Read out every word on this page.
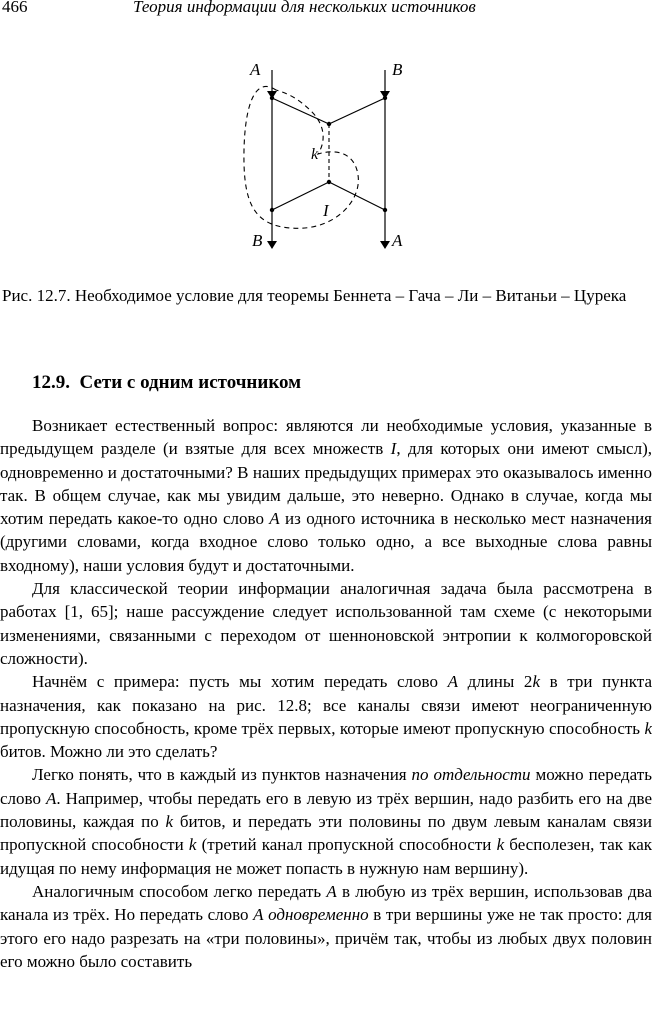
466	Теория информации для нескольких источников
A	B
B	A
k
I

Рис. 12.7. Необходимое условие для теоремы Беннета – Гача – Ли – Витаньи – Цурека

12.9. Сети с одним источником

Возникает естественный вопрос: являются ли необходимые условия, указанные в предыдущем разделе (и взятые для всех множеств I, для которых они имеют смысл), одновременно и достаточными? В наших предыдущих примерах это оказывалось именно так. В общем случае, как мы увидим дальше, это неверно. Однако в случае, когда мы хотим передать какое-то одно слово A из одного источника в несколько мест назначения (другими словами, когда входное слово только одно, а все выходные слова равны входному), наши условия будут и достаточными.

Для классической теории информации аналогичная задача была рассмотрена в работах [1, 65]; наше рассуждение следует использованной там схеме (с некоторыми изменениями, связанными с переходом от шенноновской энтропии к колмогоровской сложности).

Начнём с примера: пусть мы хотим передать слово A длины 2k в три пункта назначения, как показано на рис. 12.8; все каналы связи имеют неограниченную пропускную способность, кроме трёх первых, которые имеют пропускную способность k битов. Можно ли это сделать?

Легко понять, что в каждый из пунктов назначения по отдельности можно передать слово A. Например, чтобы передать его в левую из трёх вершин, надо разбить его на две половины, каждая по k битов, и передать эти половины по двум левым каналам связи пропускной способности k (третий канал пропускной способности k бесполезен, так как идущая по нему информация не может попасть в нужную нам вершину).

Аналогичным способом легко передать A в любую из трёх вершин, использовав два канала из трёх. Но передать слово A одновременно в три вершины уже не так просто: для этого его надо разрезать на «три половины», причём так, чтобы из любых двух половин его можно было составить
